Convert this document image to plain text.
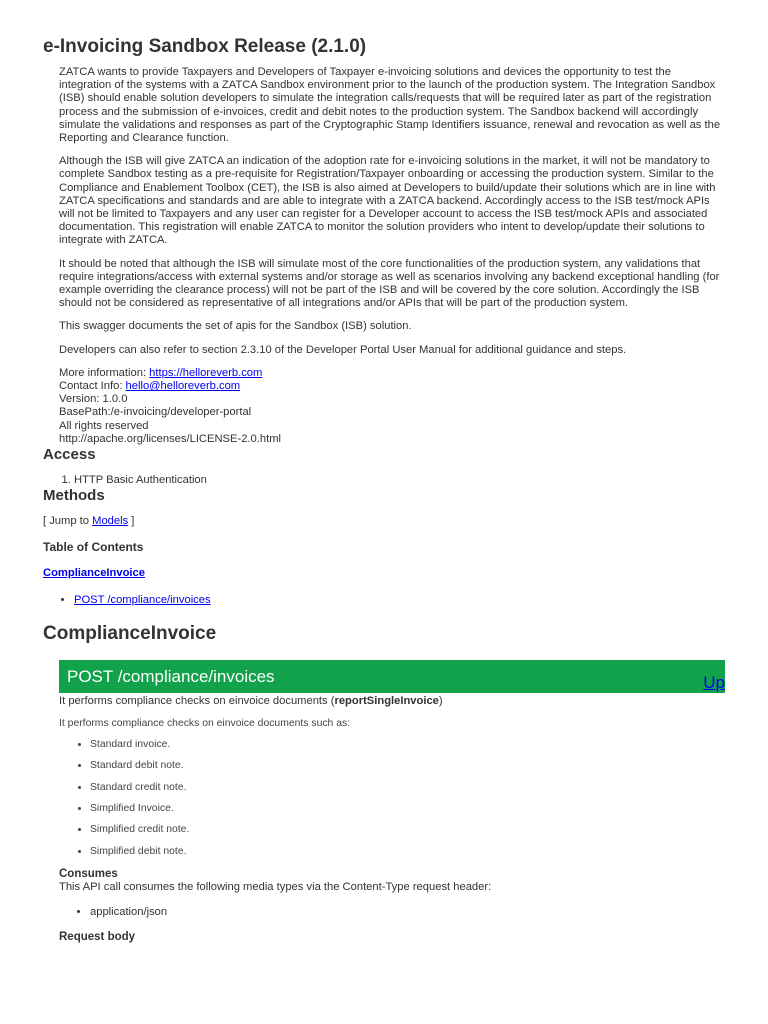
e-Invoicing Sandbox Release (2.1.0)

ZATCA wants to provide Taxpayers and Developers of Taxpayer e-invoicing solutions and devices the opportunity to test the integration of the systems with a ZATCA Sandbox environment prior to the launch of the production system. The Integration Sandbox (ISB) should enable solution developers to simulate the integration calls/requests that will be required later as part of the registration process and the submission of e-invoices, credit and debit notes to the production system. The Sandbox backend will accordingly simulate the validations and responses as part of the Cryptographic Stamp Identifiers issuance, renewal and revocation as well as the Reporting and Clearance function.

Although the ISB will give ZATCA an indication of the adoption rate for e-invoicing solutions in the market, it will not be mandatory to complete Sandbox testing as a pre-requisite for Registration/Taxpayer onboarding or accessing the production system. Similar to the Compliance and Enablement Toolbox (CET), the ISB is also aimed at Developers to build/update their solutions which are in line with ZATCA specifications and standards and are able to integrate with a ZATCA backend. Accordingly access to the ISB test/mock APIs will not be limited to Taxpayers and any user can register for a Developer account to access the ISB test/mock APIs and associated documentation. This registration will enable ZATCA to monitor the solution providers who intent to develop/update their solutions to integrate with ZATCA.

It should be noted that although the ISB will simulate most of the core functionalities of the production system, any validations that require integrations/access with external systems and/or storage as well as scenarios involving any backend exceptional handling (for example overriding the clearance process) will not be part of the ISB and will be covered by the core solution. Accordingly the ISB should not be considered as representative of all integrations and/or APIs that will be part of the production system.

This swagger documents the set of apis for the Sandbox (ISB) solution.

Developers can also refer to section 2.3.10 of the Developer Portal User Manual for additional guidance and steps.

More information: https://helloreverb.com
Contact Info: hello@helloreverb.com
Version: 1.0.0
BasePath:/e-invoicing/developer-portal
All rights reserved
http://apache.org/licenses/LICENSE-2.0.html
Access
1. HTTP Basic Authentication
Methods
[ Jump to Models ]
Table of Contents
ComplianceInvoice
• POST /compliance/invoices
ComplianceInvoice
Up
POST /compliance/invoices
It performs compliance checks on einvoice documents (reportSingleInvoice)
It performs compliance checks on einvoice documents such as:
• Standard invoice.
• Standard debit note.
• Standard credit note.
• Simplified Invoice.
• Simplified credit note.
• Simplified debit note.
Consumes
This API call consumes the following media types via the Content-Type request header:
• application/json
Request body
